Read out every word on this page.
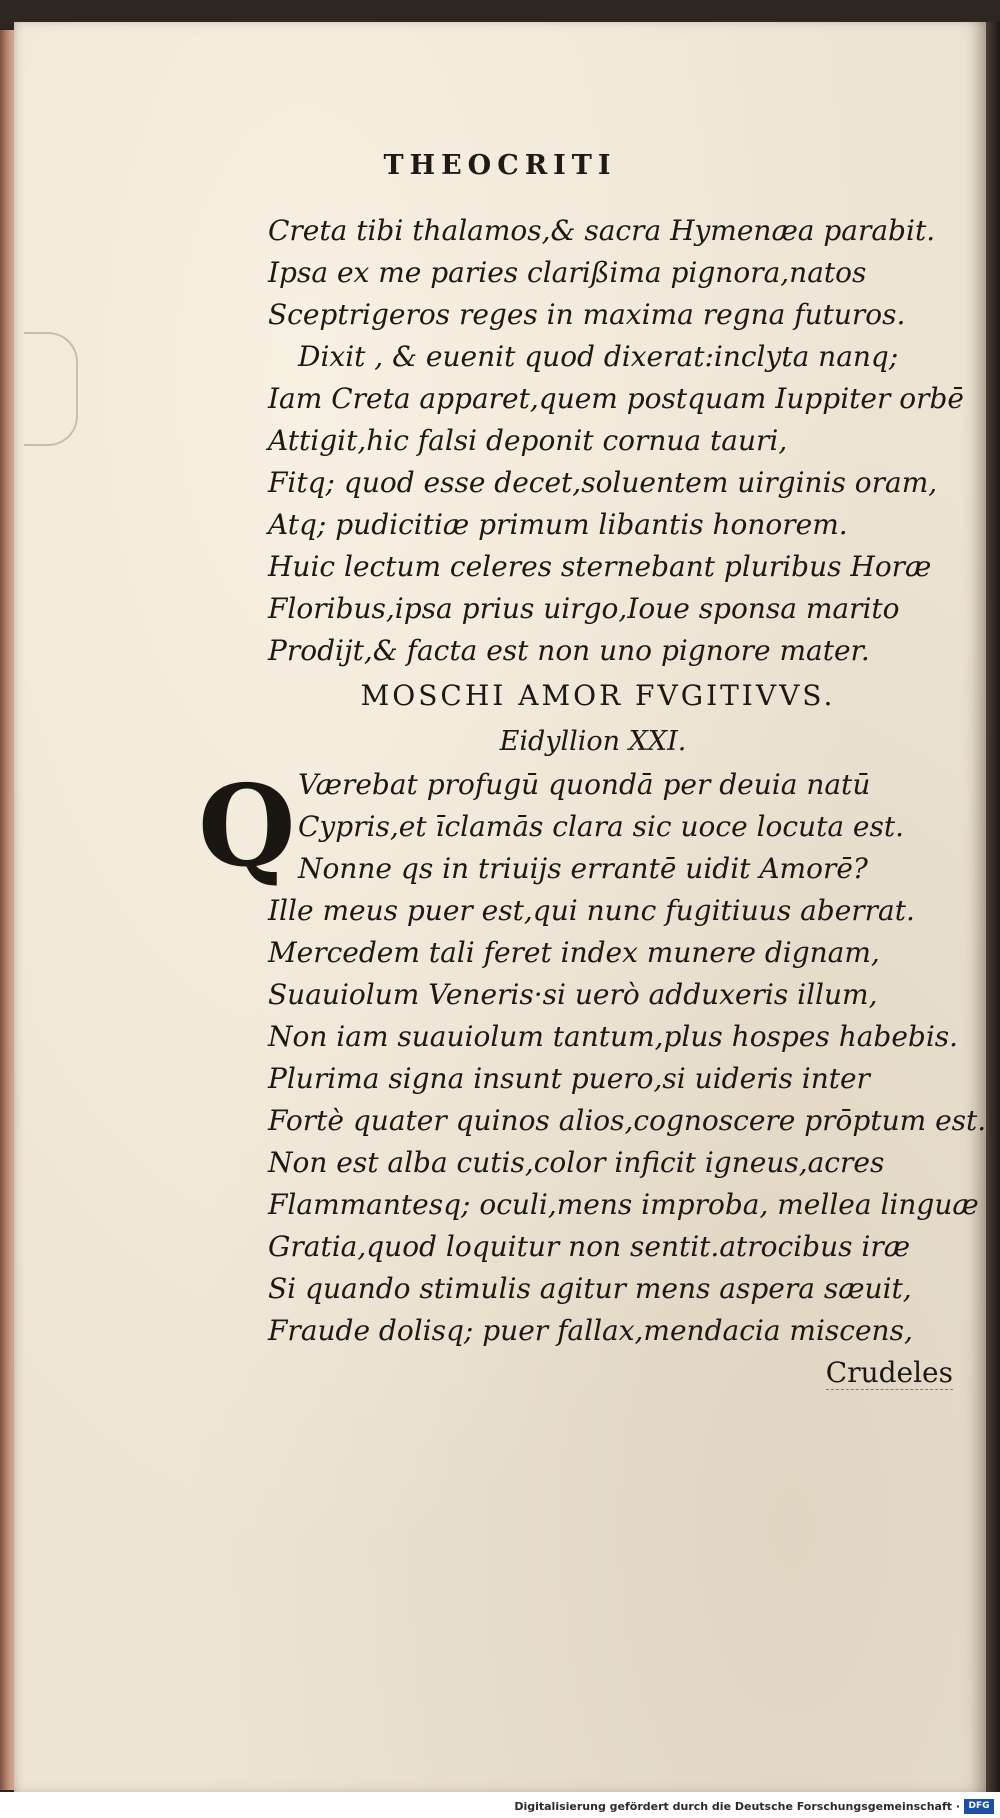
THEOCRITI
Creta tibi thalamos,& sacra Hymenæa parabit.
Ipsa ex me paries clarißima pignora,natos
Sceptrigeros reges in maxima regna futuros.
Dixit , & euenit quod dixerat:inclyta nanq;
Iam Creta apparet,quem postquam Iuppiter orbē
Attigit,hic falsi deponit cornua tauri,
Fitq; quod esse decet,soluentem uirginis oram,
Atq; pudicitiæ primum libantis honorem.
Huic lectum celeres sternebant pluribus Horæ
Floribus,ipsa prius uirgo,Ioue sponsa marito
Prodijt,& facta est non uno pignore mater.
MOSCHI AMOR FVGITIVVS.
Eidyllion XXI.
Q Værebat profugū quondā per deuia natū
Cypris,et īclamās clara sic uoce locuta est.
Nonne qs in triuijs errantē uidit Amorē?
Ille meus puer est,qui nunc fugitiuus aberrat.
Mercedem tali feret index munere dignam,
Suauiolum Veneris·si uerò adduxeris illum,
Non iam suauiolum tantum,plus hospes habebis.
Plurima signa insunt puero,si uideris inter
Fortè quater quinos alios,cognoscere prōptum est.
Non est alba cutis,color inficit igneus,acres
Flammantesq; oculi,mens improba, mellea linguæ
Gratia,quod loquitur non sentit.atrocibus iræ
Si quando stimulis agitur mens aspera sæuit,
Fraude dolisq; puer fallax,mendacia miscens,
Crudeles
Digitalisierung gefördert durch die Deutsche Forschungsgemeinschaft · DFG
